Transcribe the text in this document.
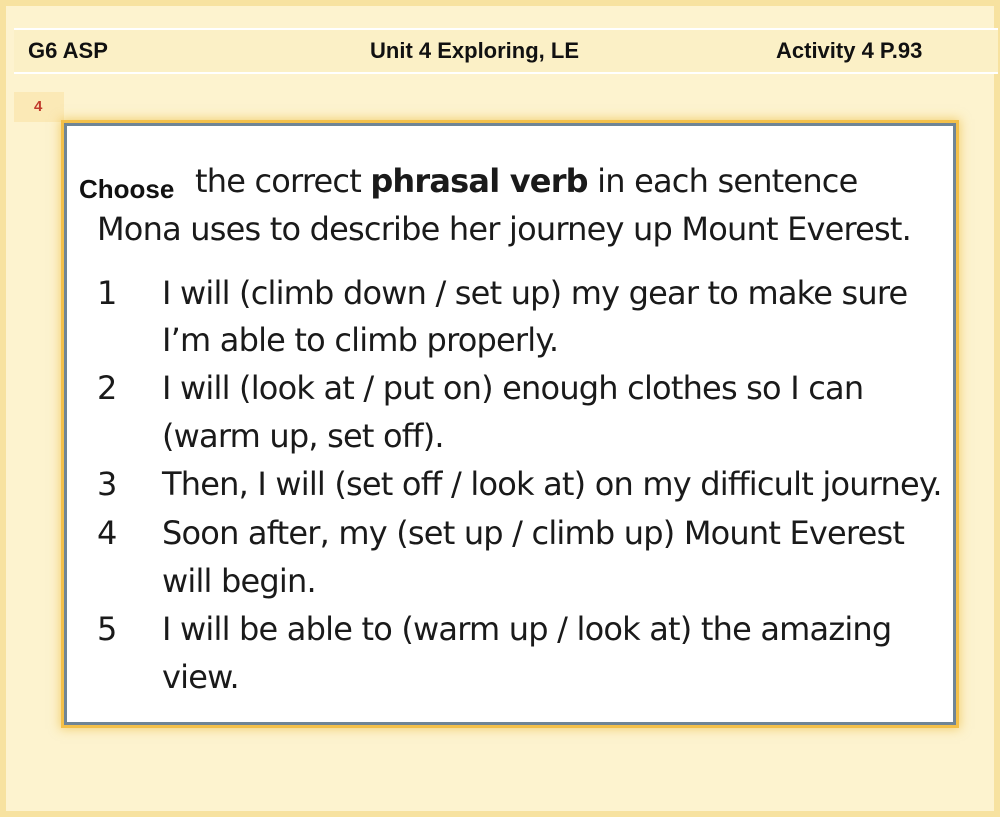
G6 ASP	Unit 4 Exploring, LE	Activity 4 P.93
4
Choose the correct phrasal verb in each sentence
Mona uses to describe her journey up Mount Everest.
1 I will (climb down / set up) my gear to make sure
I’m able to climb properly.
2 I will (look at / put on) enough clothes so I can
(warm up, set off).
3 Then, I will (set off / look at) on my difficult journey.
4 Soon after, my (set up / climb up) Mount Everest
will begin.
5 I will be able to (warm up / look at) the amazing
view.
